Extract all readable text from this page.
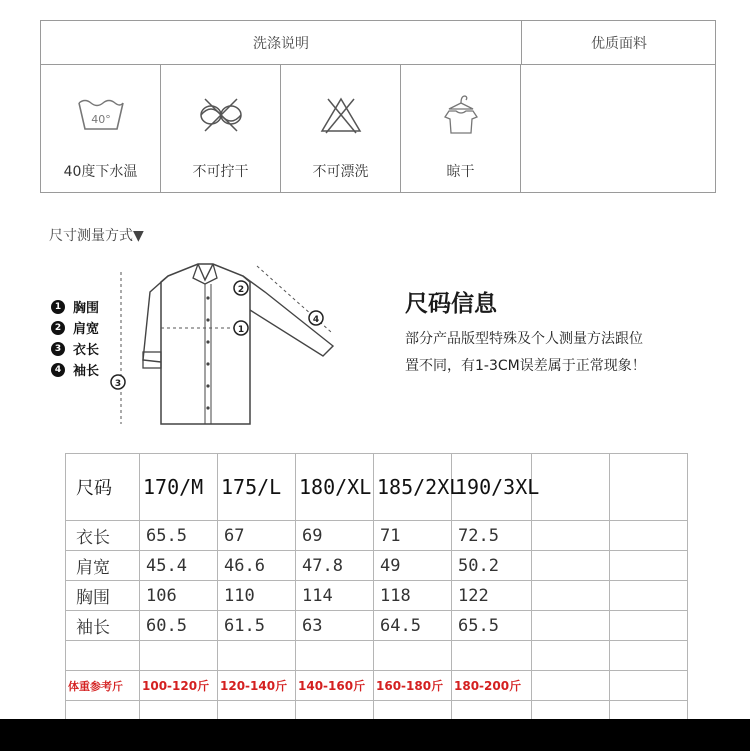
洗涤说明	优质面料
40°
40度下水温	不可拧干	不可漂洗	晾干
尺寸测量方式▼
1 胸围
2 肩宽
3 衣长
4 袖长
1
2
3
4
尺码信息
部分产品版型特殊及个人测量方法跟位
置不同，有1-3CM误差属于正常现象！
尺码	170/M	175/L	180/XL	185/2XL	190/3XL		
衣长	65.5	67	69	71	72.5		
肩宽	45.4	46.6	47.8	49	50.2		
胸围	106	110	114	118	122		
袖长	60.5	61.5	63	64.5	65.5		

体重参考斤	100-120斤	120-140斤	140-160斤	160-180斤	180-200斤		
